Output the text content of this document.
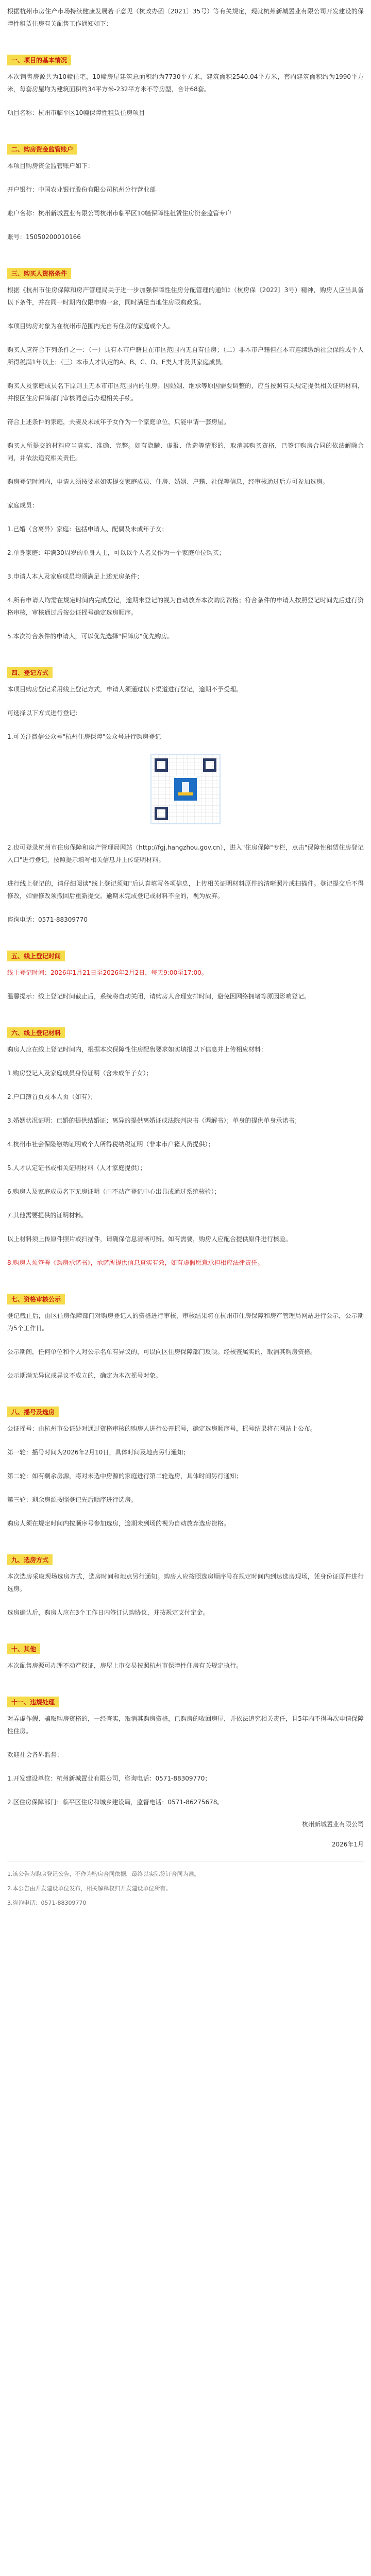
根据杭州市房住产市场持续健康发展若干意见（杭政办函〔2021〕35号）等有关规定，现就杭州新城置业有限公司开发建设的保障性租赁住房有关配售工作通知如下：

一、项目的基本情况

本次销售房源共为10幢住宅，10幢房屋建筑总面积约为7730平方米，建筑面积2540.04平方米，套内建筑面积约为1990平方米，每套房屋均为建筑面积约34平方米-232平方米不等房型，合计68套。

项目名称：杭州市临平区10幢保障性租赁住房项目

二、购房资金监管账户

本项目购房资金监管账户如下：

开户银行：中国农业银行股份有限公司杭州分行营业部

账户名称：杭州新城置业有限公司杭州市临平区10幢保障性租赁住房资金监管专户

账号：15050200010166

三、购买人资格条件

根据《杭州市住房保障和房产管理局关于进一步加强保障性住房分配管理的通知》（杭房保〔2022〕3号）精神，购房人应当具备以下条件，并在同一时期内仅限申购一套，同时满足当地住房限购政策。

本项目购房对象为在杭州市范围内无自有住房的家庭或个人。

购买人应符合下列条件之一：（一）具有本市户籍且在市区范围内无自有住房；（二）非本市户籍但在本市连续缴纳社会保险或个人所得税满1年以上；（三）本市人才认定的A、B、C、D、E类人才及其家庭成员。

购买人及家庭成员名下原则上无本市市区范围内的住房。因婚姻、继承等原因需要调整的，应当按照有关规定提供相关证明材料，并报区住房保障部门审核同意后办理相关手续。

符合上述条件的家庭，夫妻及未成年子女作为一个家庭单位，只能申请一套房屋。

购买人所提交的材料应当真实、准确、完整。如有隐瞒、虚报、伪造等情形的，取消其购买资格，已签订购房合同的依法解除合同，并依法追究相关责任。

购房登记时间内，申请人须按要求如实提交家庭成员、住房、婚姻、户籍、社保等信息，经审核通过后方可参加选房。

家庭成员：

1.已婚（含离异）家庭：包括申请人、配偶及未成年子女；

2.单身家庭：年满30周岁的单身人士，可以以个人名义作为一个家庭单位购买；

3.申请人本人及家庭成员均须满足上述无房条件；

4.所有申请人均需在规定时间内完成登记，逾期未登记的视为自动放弃本次购房资格；符合条件的申请人按照登记时间先后进行资格审核，审核通过后按公证摇号确定选房顺序。

5.本次符合条件的申请人，可以优先选择"保障房"优先购房。

四、登记方式

本项目购房登记采用线上登记方式，申请人须通过以下渠道进行登记，逾期不予受理。

可选择以下方式进行登记：

1.可关注微信公众号"杭州住房保障"公众号进行购房登记

2.也可登录杭州市住房保障和房产管理局网站（http://fgj.hangzhou.gov.cn），进入"住房保障"专栏，点击"保障性租赁住房登记入口"进行登记，按照提示填写相关信息并上传证明材料。

进行线上登记的，请仔细阅读"线上登记须知"后认真填写各项信息，上传相关证明材料原件的清晰照片或扫描件。登记提交后不得修改，如需修改须撤回后重新提交。逾期未完成登记或材料不全的，视为放弃。

咨询电话：0571-88309770

五、线上登记时间

线上登记时间：2026年1月21日至2026年2月2日，每天9:00至17:00。

温馨提示：线上登记时间截止后，系统将自动关闭，请购房人合理安排时间，避免因网络拥堵等原因影响登记。

六、线上登记材料

购房人应在线上登记时间内，根据本次保障性住房配售要求如实填报以下信息并上传相应材料：

1.购房登记人及家庭成员身份证明（含未成年子女）；

2.户口簿首页及本人页（如有）；

3.婚姻状况证明：已婚的提供结婚证；离异的提供离婚证或法院判决书（调解书）；单身的提供单身承诺书；

4.杭州市社会保险缴纳证明或个人所得税纳税证明（非本市户籍人员提供）；

5.人才认定证书或相关证明材料（人才家庭提供）；

6.购房人及家庭成员名下无房证明（由不动产登记中心出具或通过系统核验）；

7.其他需要提供的证明材料。

以上材料须上传原件照片或扫描件，请确保信息清晰可辨。如有需要，购房人应配合提供原件进行核验。

8.购房人须签署《购房承诺书》，承诺所提供信息真实有效，如有虚假愿意承担相应法律责任。

七、资格审核公示

登记截止后，由区住房保障部门对购房登记人的资格进行审核，审核结果将在杭州市住房保障和房产管理局网站进行公示，公示期为5个工作日。

公示期间，任何单位和个人对公示名单有异议的，可以向区住房保障部门反映。经核查属实的，取消其购房资格。

公示期满无异议或异议不成立的，确定为本次摇号对象。

八、摇号及选房

公证摇号：由杭州市公证处对通过资格审核的购房人进行公开摇号，确定选房顺序号，摇号结果将在网站上公布。

第一轮：摇号时间为2026年2月10日，具体时间及地点另行通知；

第二轮：如有剩余房源，将对未选中房源的家庭进行第二轮选房，具体时间另行通知；

第三轮：剩余房源按照登记先后顺序进行选房。

购房人须在规定时间内按顺序号参加选房，逾期未到场的视为自动放弃选房资格。

九、选房方式

本次选房采取现场选房方式，选房时间和地点另行通知。购房人应按照选房顺序号在规定时间内到达选房现场，凭身份证原件进行选房。

选房确认后，购房人应在3个工作日内签订认购协议，并按规定支付定金。

十、其他

本次配售房源可办理不动产权证，房屋上市交易按照杭州市保障性住房有关规定执行。

十一、违规处理

对弄虚作假、骗取购房资格的，一经查实，取消其购房资格，已购房的收回房屋，并依法追究相关责任，且5年内不得再次申请保障性住房。

欢迎社会各界监督：

1.开发建设单位：杭州新城置业有限公司，咨询电话：0571-88309770；

2.区住房保障部门：临平区住房和城乡建设局，监督电话：0571-86275678。

杭州新城置业有限公司
2026年1月
1.该公告为购房登记公告，不作为购房合同依据，最终以实际签订合同为准。
2.本公告由开发建设单位发布，相关解释权归开发建设单位所有。
3.咨询电话：0571-88309770
